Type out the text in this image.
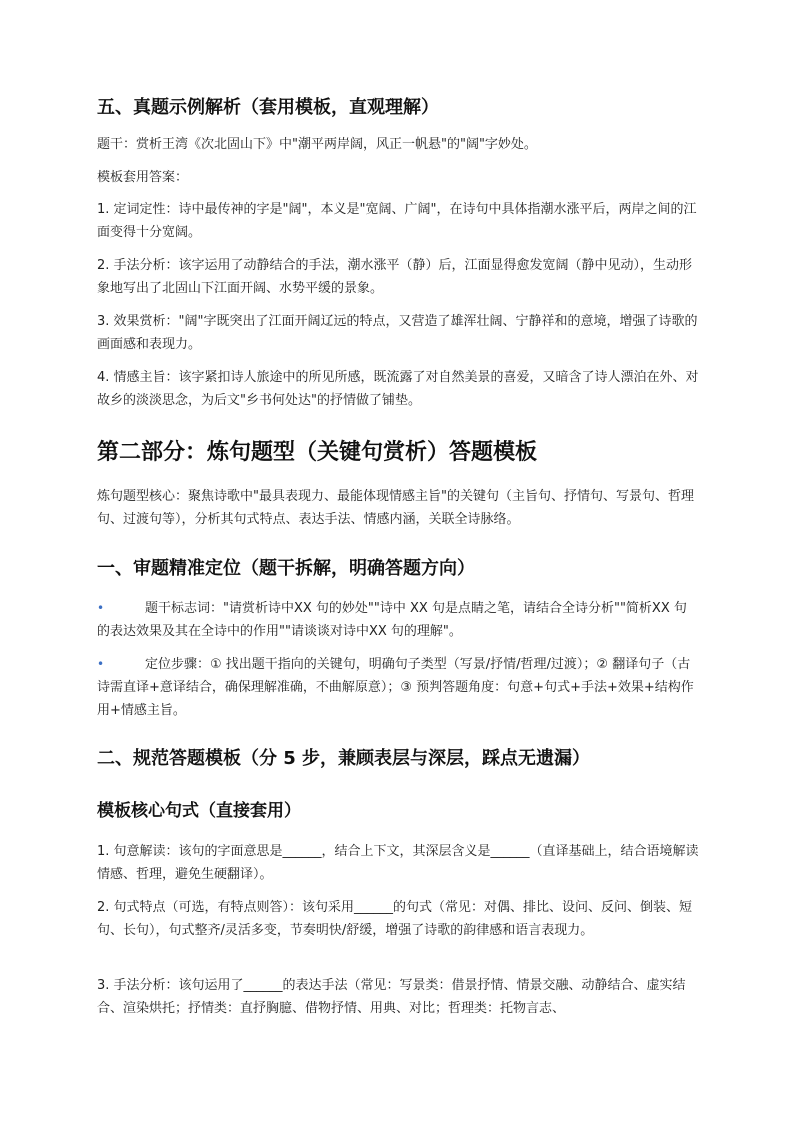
五、真题示例解析（套用模板，直观理解）

题干：赏析王湾《次北固山下》中"潮平两岸阔，风正一帆悬"的"阔"字妙处。

模板套用答案：

1. 定词定性：诗中最传神的字是"阔"，本义是"宽阔、广阔"，在诗句中具体指潮水涨平后，两岸之间的江面变得十分宽阔。

2. 手法分析：该字运用了动静结合的手法，潮水涨平（静）后，江面显得愈发宽阔（静中见动），生动形象地写出了北固山下江面开阔、水势平缓的景象。

3. 效果赏析："阔"字既突出了江面开阔辽远的特点，又营造了雄浑壮阔、宁静祥和的意境，增强了诗歌的画面感和表现力。

4. 情感主旨：该字紧扣诗人旅途中的所见所感，既流露了对自然美景的喜爱，又暗含了诗人漂泊在外、对故乡的淡淡思念，为后文"乡书何处达"的抒情做了铺垫。

第二部分：炼句题型（关键句赏析）答题模板

炼句题型核心：聚焦诗歌中"最具表现力、最能体现情感主旨"的关键句（主旨句、抒情句、写景句、哲理句、过渡句等），分析其句式特点、表达手法、情感内涵，关联全诗脉络。

一、审题精准定位（题干拆解，明确答题方向）
•	题干标志词："请赏析诗中XX 句的妙处""诗中 XX 句是点睛之笔，请结合全诗分析""简析XX 句的表达效果及其在全诗中的作用""请谈谈对诗中XX 句的理解"。

•	定位步骤：① 找出题干指向的关键句，明确句子类型（写景/抒情/哲理/过渡）；② 翻译句子（古诗需直译+意译结合，确保理解准确，不曲解原意）；③ 预判答题角度：句意+句式+手法+效果+结构作用+情感主旨。

二、规范答题模板（分 5 步，兼顾表层与深层，踩点无遗漏）
模板核心句式（直接套用）

1. 句意解读：该句的字面意思是______，结合上下文，其深层含义是______（直译基础上，结合语境解读情感、哲理，避免生硬翻译）。

2. 句式特点（可选，有特点则答）：该句采用______的句式（常见：对偶、排比、设问、反问、倒装、短句、长句），句式整齐/灵活多变，节奏明快/舒缓，增强了诗歌的韵律感和语言表现力。

3. 手法分析：该句运用了______的表达手法（常见：写景类：借景抒情、情景交融、动静结合、虚实结合、渲染烘托；抒情类：直抒胸臆、借物抒情、用典、对比；哲理类：托物言志、
